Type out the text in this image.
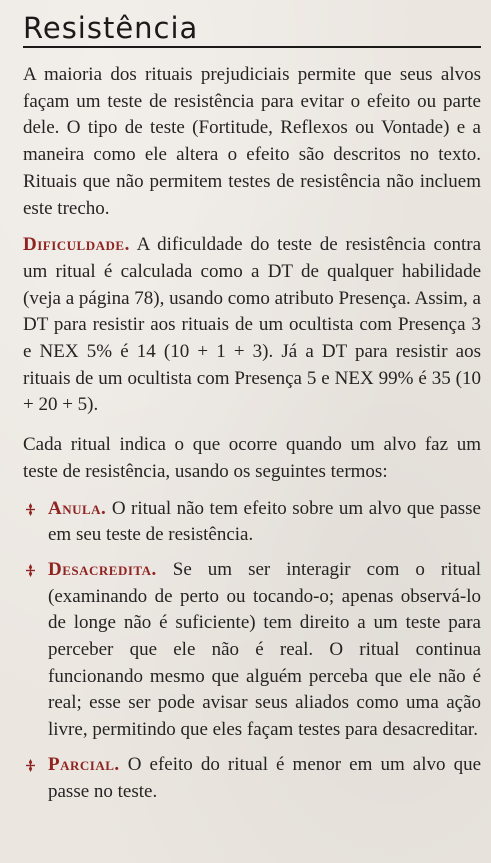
Resistência

A maioria dos rituais prejudiciais permite que seus alvos façam um teste de resistência para evitar o efeito ou parte dele. O tipo de teste (Fortitude, Reflexos ou Vontade) e a maneira como ele altera o efeito são descritos no texto. Rituais que não permitem testes de resistência não incluem este trecho.

Dificuldade. A dificuldade do teste de resistência contra um ritual é calculada como a DT de qualquer habilidade (veja a página 78), usando como atributo Presença. Assim, a DT para resistir aos rituais de um ocultista com Presença 3 e NEX 5% é 14 (10 + 1 + 3). Já a DT para resistir aos rituais de um ocultista com Presença 5 e NEX 99% é 35 (10 + 20 + 5).

Cada ritual indica o que ocorre quando um alvo faz um teste de resistência, usando os seguintes termos:

Anula. O ritual não tem efeito sobre um alvo que passe em seu teste de resistência.
Desacredita. Se um ser interagir com o ritual (examinando de perto ou tocando-o; apenas observá-lo de longe não é suficiente) tem direito a um teste para perceber que ele não é real. O ritual continua funcionando mesmo que alguém perceba que ele não é real; esse ser pode avisar seus aliados como uma ação livre, permitindo que eles façam testes para desacreditar.
Parcial. O efeito do ritual é menor em um alvo que passe no teste.
